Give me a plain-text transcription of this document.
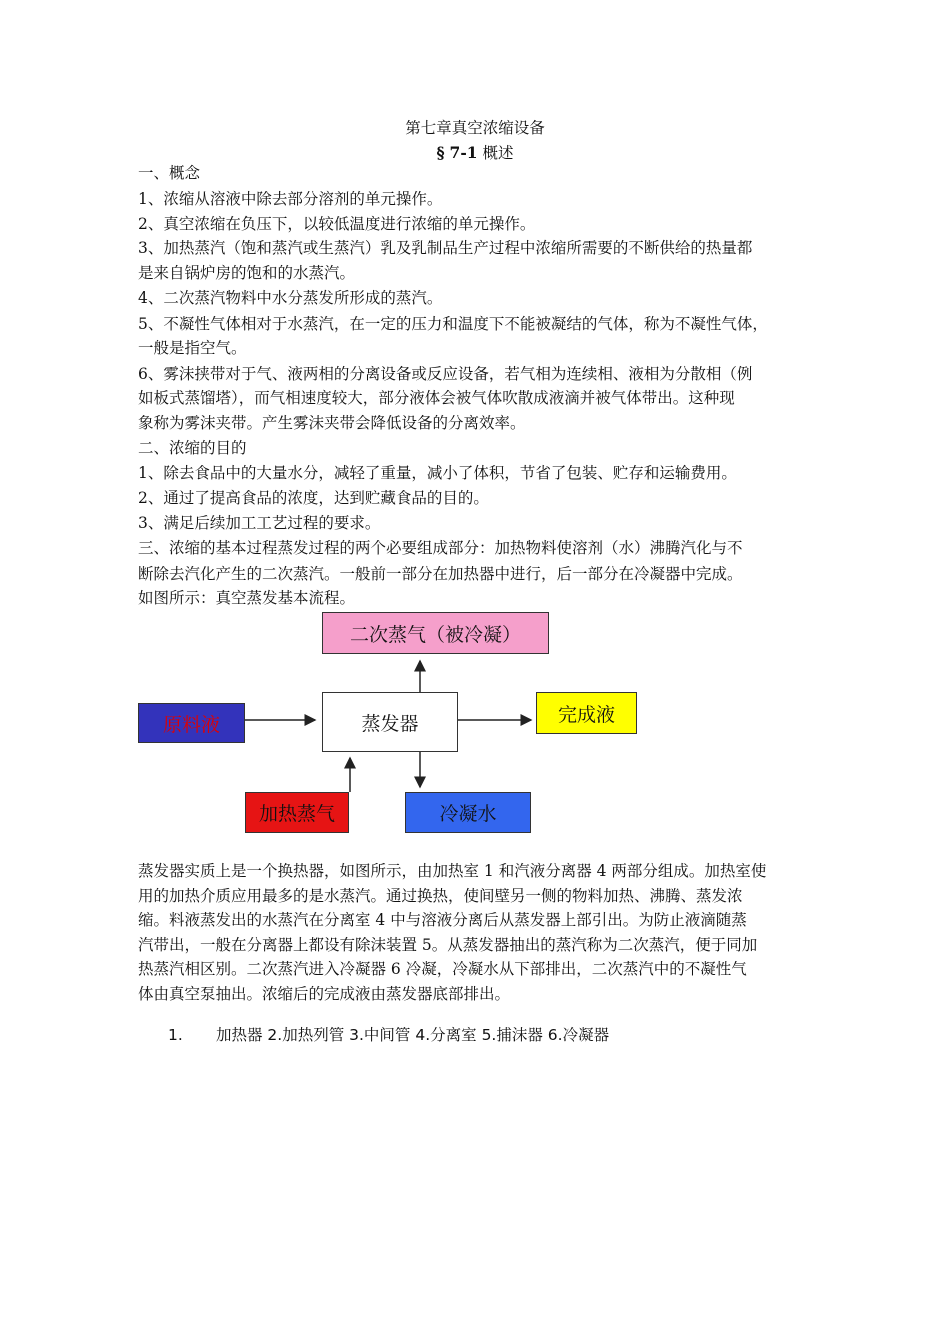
第七章真空浓缩设备
§ 7-1 概述
一、概念
1、浓缩从溶液中除去部分溶剂的单元操作。
2、真空浓缩在负压下，以较低温度进行浓缩的单元操作。
3、加热蒸汽（饱和蒸汽或生蒸汽）乳及乳制品生产过程中浓缩所需要的不断供给的热量都
是来自锅炉房的饱和的水蒸汽。
4、二次蒸汽物料中水分蒸发所形成的蒸汽。
5、不凝性气体相对于水蒸汽，在一定的压力和温度下不能被凝结的气体，称为不凝性气体，
一般是指空气。
6、雾沫挟带对于气、液两相的分离设备或反应设备，若气相为连续相、液相为分散相（例
如板式蒸馏塔），而气相速度较大，部分液体会被气体吹散成液滴并被气体带出。这种现
象称为雾沫夹带。产生雾沫夹带会降低设备的分离效率。
二、浓缩的目的
1、除去食品中的大量水分，减轻了重量，减小了体积，节省了包装、贮存和运输费用。
2、通过了提高食品的浓度，达到贮藏食品的目的。
3、满足后续加工工艺过程的要求。
三、浓缩的基本过程蒸发过程的两个必要组成部分：加热物料使溶剂（水）沸腾汽化与不
断除去汽化产生的二次蒸汽。一般前一部分在加热器中进行，后一部分在冷凝器中完成。
如图所示：真空蒸发基本流程。
二次蒸气（被冷凝）
蒸发器
原料液	完成液
加热蒸气	冷凝水
蒸发器实质上是一个换热器，如图所示，由加热室 1 和汽液分离器 4 两部分组成。加热室使
用的加热介质应用最多的是水蒸汽。通过换热，使间壁另一侧的物料加热、沸腾、蒸发浓
缩。料液蒸发出的水蒸汽在分离室 4 中与溶液分离后从蒸发器上部引出。为防止液滴随蒸
汽带出，一般在分离器上都设有除沫装置 5。从蒸发器抽出的蒸汽称为二次蒸汽，便于同加
热蒸汽相区别。二次蒸汽进入冷凝器 6 冷凝，冷凝水从下部排出，二次蒸汽中的不凝性气
体由真空泵抽出。浓缩后的完成液由蒸发器底部排出。
1. 加热器 2.加热列管 3.中间管 4.分离室 5.捕沫器 6.冷凝器
